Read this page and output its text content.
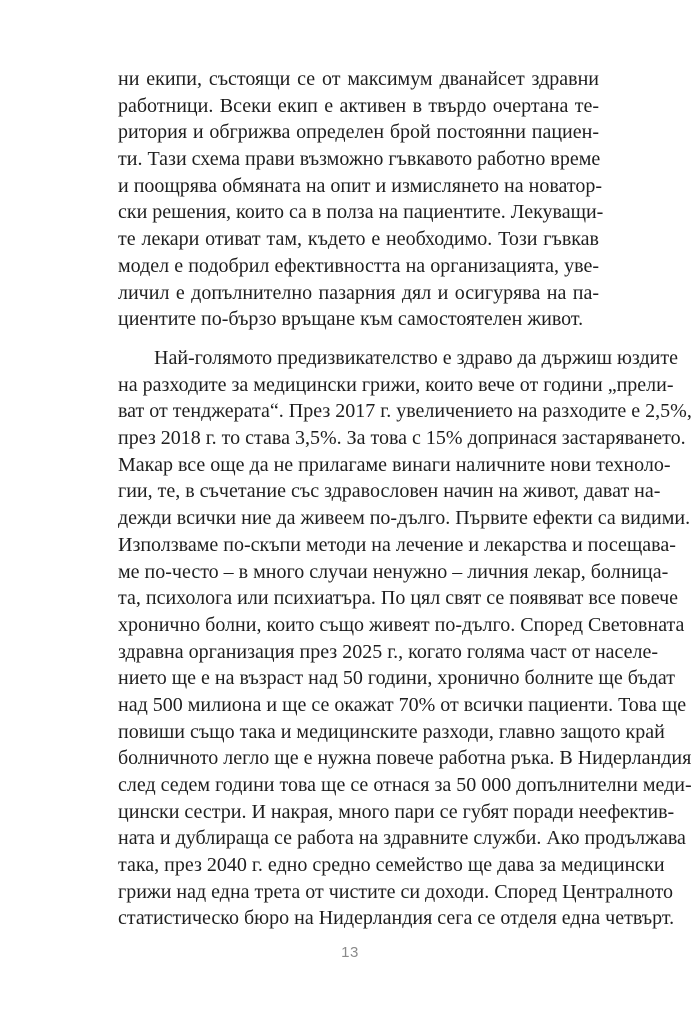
ни екипи, състоящи се от максимум дванайсет здравни
работници. Всеки екип е активен в твърдо очертана те-
ритория и обгрижва определен брой постоянни пациен-
ти. Тази схема прави възможно гъвкавото работно време
и поощрява обмяната на опит и измислянето на новатор-
ски решения, които са в полза на пациентите. Лекуващи-
те лекари отиват там, където е необходимо. Този гъвкав
модел е подобрил ефективността на организацията, уве-
личил е допълнително пазарния дял и осигурява на па-
циентите по-бързо връщане към самостоятелен живот.
Най-голямото предизвикателство е здраво да държиш юздите
на разходите за медицински грижи, които вече от години „прели-
ват от тенджерата“. През 2017 г. увеличението на разходите е 2,5%,
през 2018 г. то става 3,5%. За това с 15% допринася застаряването.
Макар все още да не прилагаме винаги наличните нови техноло-
гии, те, в съчетание със здравословен начин на живот, дават на-
дежди всички ние да живеем по-дълго. Първите ефекти са видими.
Използваме по-скъпи методи на лечение и лекарства и посещава-
ме по-често – в много случаи ненужно – личния лекар, болница-
та, психолога или психиатъра. По цял свят се появяват все повече
хронично болни, които също живеят по-дълго. Според Световната
здравна организация през 2025 г., когато голяма част от населе-
нието ще е на възраст над 50 години, хронично болните ще бъдат
над 500 милиона и ще се окажат 70% от всички пациенти. Това ще
повиши също така и медицинските разходи, главно защото край
болничното легло ще е нужна повече работна ръка. В Нидерландия
след седем години това ще се отнася за 50 000 допълнителни меди-
цински сестри. И накрая, много пари се губят поради неефектив-
ната и дублираща се работа на здравните служби. Ако продължава
така, през 2040 г. едно средно семейство ще дава за медицински
грижи над една трета от чистите си доходи. Според Централното
статистическо бюро на Нидерландия сега се отделя една четвърт.
13
